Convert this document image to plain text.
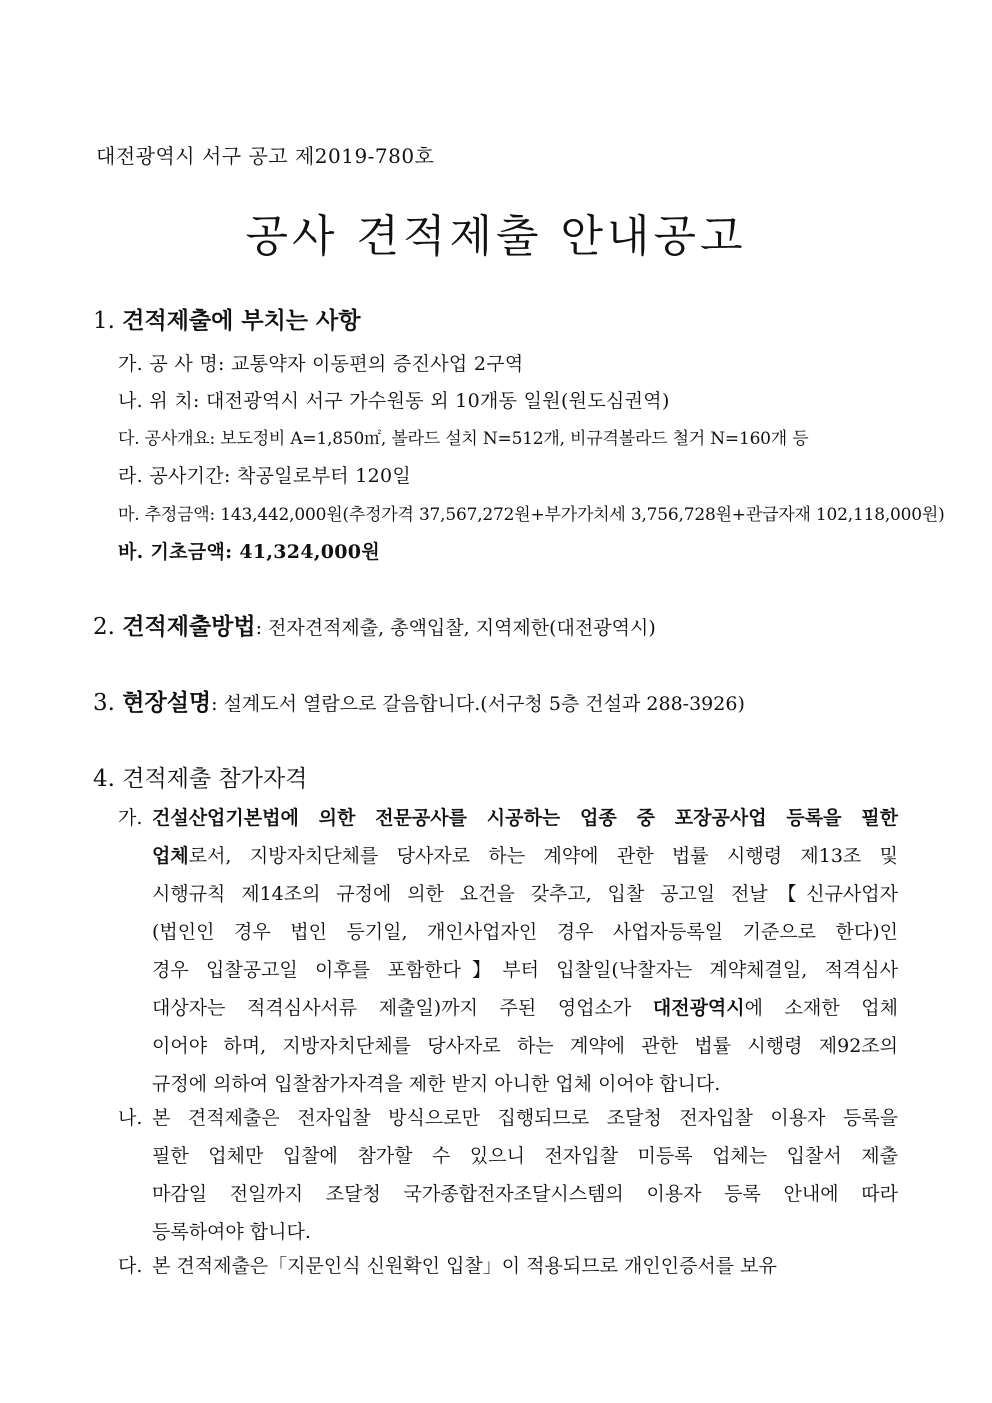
대전광역시 서구 공고 제2019-780호
공사 견적제출 안내공고
1. 견적제출에 부치는 사항
가. 공 사 명: 교통약자 이동편의 증진사업 2구역
나. 위 치: 대전광역시 서구 가수원동 외 10개동 일원(원도심권역)
다. 공사개요: 보도정비 A=1,850㎡, 볼라드 설치 N=512개, 비규격볼라드 철거 N=160개 등
라. 공사기간: 착공일로부터 120일
마. 추정금액: 143,442,000원(추정가격 37,567,272원+부가가치세 3,756,728원+관급자재 102,118,000원)
바. 기초금액: 41,324,000원
2. 견적제출방법: 전자견적제출, 총액입찰, 지역제한(대전광역시)
3. 현장설명: 설계도서 열람으로 갈음합니다.(서구청 5층 건설과 288-3926)
4. 견적제출 참가자격
가. 건설산업기본법에 의한 전문공사를 시공하는 업종 중 포장공사업 등록을 필한
업체로서, 지방자치단체를 당사자로 하는 계약에 관한 법률 시행령 제13조 및
시행규칙 제14조의 규정에 의한 요건을 갖추고, 입찰 공고일 전날【신규사업자
(법인인 경우 법인 등기일, 개인사업자인 경우 사업자등록일 기준으로 한다)인
경우 입찰공고일 이후를 포함한다】부터 입찰일(낙찰자는 계약체결일, 적격심사
대상자는 적격심사서류 제출일)까지 주된 영업소가 대전광역시에 소재한 업체
이어야 하며, 지방자치단체를 당사자로 하는 계약에 관한 법률 시행령 제92조의
규정에 의하여 입찰참가자격을 제한 받지 아니한 업체 이어야 합니다.
나. 본 견적제출은 전자입찰 방식으로만 집행되므로 조달청 전자입찰 이용자 등록을
필한 업체만 입찰에 참가할 수 있으니 전자입찰 미등록 업체는 입찰서 제출
마감일 전일까지 조달청 국가종합전자조달시스템의 이용자 등록 안내에 따라
등록하여야 합니다.
다. 본 견적제출은「지문인식 신원확인 입찰」이 적용되므로 개인인증서를 보유
